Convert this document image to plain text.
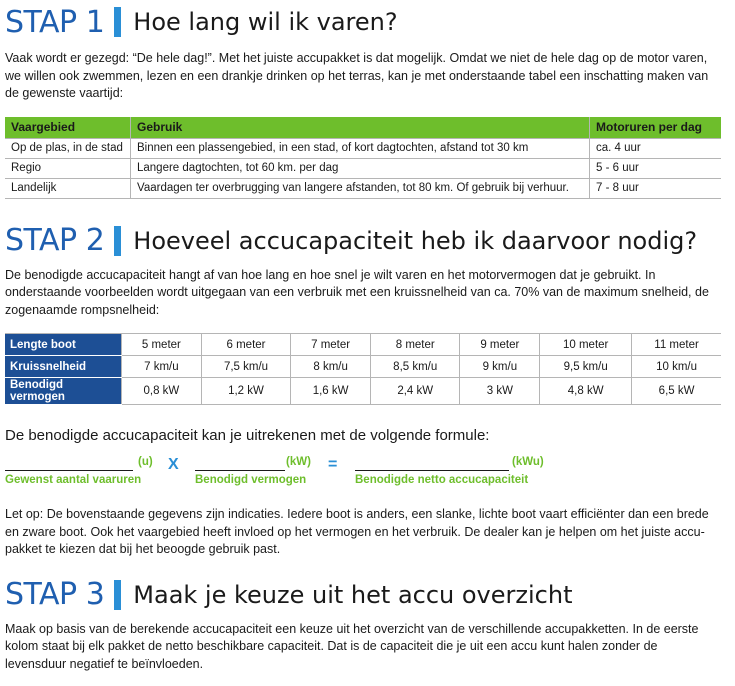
STAP 1 Hoe lang wil ik varen?

Vaak wordt er gezegd: “De hele dag!”. Met het juiste accupakket is dat mogelijk. Omdat we niet de hele dag op de motor varen, we willen ook zwemmen, lezen en een drankje drinken op het terras, kan je met onderstaande tabel een inschatting maken van de gewenste vaartijd:

Vaargebied	Gebruik	Motoruren per dag
Op de plas, in de stad	Binnen een plassengebied, in een stad, of kort dagtochten, afstand tot 30 km	ca. 4 uur
Regio	Langere dagtochten, tot 60 km. per dag	5 - 6 uur
Landelijk	Vaardagen ter overbrugging van langere afstanden, tot 80 km. Of gebruik bij verhuur.	7 - 8 uur
STAP 2 Hoeveel accucapaciteit heb ik daarvoor nodig?

De benodigde accucapaciteit hangt af van hoe lang en hoe snel je wilt varen en het motorvermogen dat je gebruikt. In onderstaande voorbeelden wordt uitgegaan van een verbruik met een kruissnelheid van ca. 70% van de maximum snelheid, de zogenaamde rompsnelheid:

Lengte boot	5 meter	6 meter	7 meter	8 meter	9 meter	10 meter	11 meter
Kruissnelheid	7 km/u	7,5 km/u	8 km/u	8,5 km/u	9 km/u	9,5 km/u	10 km/u
Benodigd vermogen	0,8 kW	1,2 kW	1,6 kW	2,4 kW	3 kW	4,8 kW	6,5 kW

De benodigde accucapaciteit kan je uitrekenen met de volgende formule:

(u) X	(kW) =	(kWu)
Gewenst aantal vaaruren	Benodigd vermogen	Benodigde netto accucapaciteit

Let op: De bovenstaande gegevens zijn indicaties. Iedere boot is anders, een slanke, lichte boot vaart efficiënter dan een brede en zware boot. Ook het vaargebied heeft invloed op het vermogen en het verbruik. De dealer kan je helpen om het juiste accu-pakket te kiezen dat bij het beoogde gebruik past.

STAP 3 Maak je keuze uit het accu overzicht

Maak op basis van de berekende accucapaciteit een keuze uit het overzicht van de verschillende accupakketten. In de eerste kolom staat bij elk pakket de netto beschikbare capaciteit. Dat is de capaciteit die je uit een accu kunt halen zonder de levensduur negatief te beïnvloeden.
